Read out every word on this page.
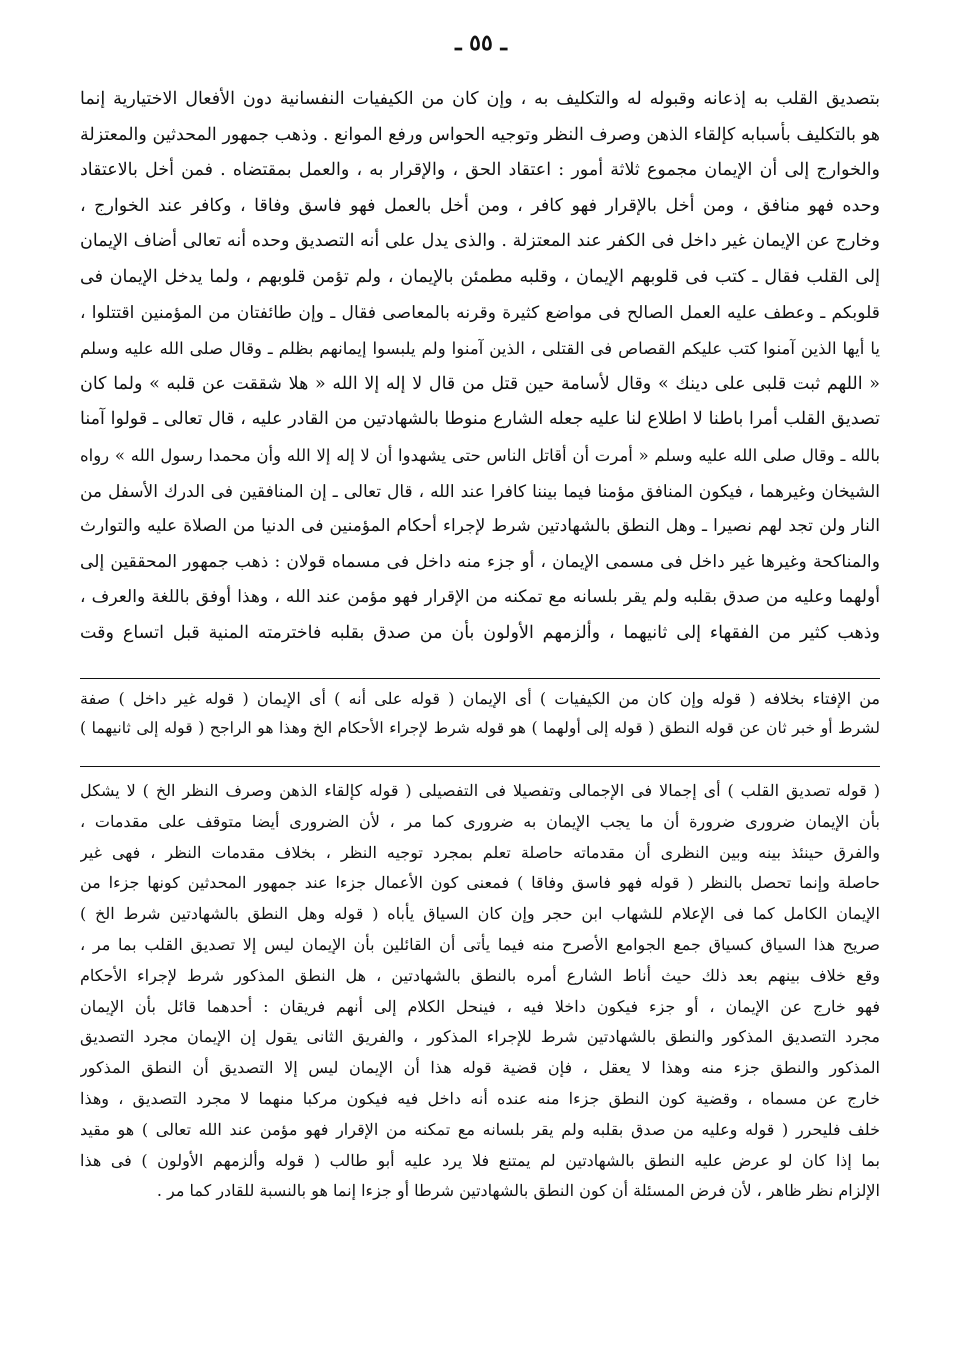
ـ ٥٥ ـ
بتصديق القلب به إذعانه وقبوله له والتكليف به ، وإن كان من الكيفيات النفسانية دون الأفعال الاختيارية إنما
هو بالتكليف بأسبابه كإلقاء الذهن وصرف النظر وتوجيه الحواس ورفع الموانع . وذهب جمهور المحدثين والمعتزلة
والخوارج إلى أن الإيمان مجموع ثلاثة أمور : اعتقاد الحق ، والإقرار به ، والعمل بمقتضاه . فمن أخل بالاعتقاد
وحده فهو منافق ، ومن أخل بالإقرار فهو كافر ، ومن أخل بالعمل فهو فاسق وفاقا ، وكافر عند الخوارج ،
وخارج عن الإيمان غير داخل فى الكفر عند المعتزلة . والذى يدل على أنه التصديق وحده أنه تعالى أضاف الإيمان
إلى القلب فقال ـ كتب فى قلوبهم الإيمان ، وقلبه مطمئن بالإيمان ، ولم تؤمن قلوبهم ، ولما يدخل الإيمان فى
قلوبكم ـ وعطف عليه العمل الصالح فى مواضع كثيرة وقرنه بالمعاصى فقال ـ وإن طائفتان من المؤمنين اقتتلوا ،
يا أيها الذين آمنوا كتب عليكم القصاص فى القتلى ، الذين آمنوا ولم يلبسوا إيمانهم بظلم ـ وقال صلى الله عليه وسلم
« اللهم ثبت قلبى على دينك » وقال لأسامة حين قتل من قال لا إله إلا الله « هلا شققت عن قلبه » ولما كان
تصديق القلب أمرا باطنا لا اطلاع لنا عليه جعله الشارع منوطا بالشهادتين من القادر عليه ، قال تعالى ـ قولوا آمنا
بالله ـ وقال صلى الله عليه وسلم « أمرت أن أقاتل الناس حتى يشهدوا أن لا إله إلا الله وأن محمدا رسول الله » رواه
الشيخان وغيرهما ، فيكون المنافق مؤمنا فيما بيننا كافرا عند الله ، قال تعالى ـ إن المنافقين فى الدرك الأسفل من
النار ولن تجد لهم نصيرا ـ وهل النطق بالشهادتين شرط لإجراء أحكام المؤمنين فى الدنيا من الصلاة عليه والتوارث
والمناكحة وغيرها غير داخل فى مسمى الإيمان ، أو جزء منه داخل فى مسماه قولان : ذهب جمهور المحققين إلى
أولهما وعليه من صدق بقلبه ولم يقر بلسانه مع تمكنه من الإقرار فهو مؤمن عند الله ، وهذا أوفق باللغة والعرف ،
وذهب كثير من الفقهاء إلى ثانيهما ، وألزمهم الأولون بأن من صدق بقلبه فاخترمته المنية قبل اتساع وقت
من الإفتاء بخلافه ( قوله وإن كان من الكيفيات ) أى الإيمان ( قوله على أنه ) أى الإيمان ( قوله غير داخل ) صفة
لشرط أو خبر ثان عن قوله النطق ( قوله إلى أولهما ) هو قوله شرط لإجراء الأحكام الخ وهذا هو الراجح ( قوله إلى ثانيهما )
( قوله تصديق القلب ) أى إجمالا فى الإجمالى وتفصيلا فى التفصيلى ( قوله كإلقاء الذهن وصرف النظر الخ ) لا يشكل
بأن الإيمان ضرورى ضرورة أن ما يجب الإيمان به ضرورى كما مر ، لأن الضرورى أيضا متوقف على مقدمات ،
والفرق حينئذ بينه وبين النظرى أن مقدماته حاصلة تعلم بمجرد توجيه النظر ، بخلاف مقدمات النظر ، فهى غير
حاصلة وإنما تحصل بالنظر ( قوله فهو فاسق وفاقا ) فمعنى كون الأعمال جزءا عند جمهور المحدثين كونها جزءا من
الإيمان الكامل كما فى الإعلام للشهاب ابن حجر وإن كان السياق يأباه ( قوله وهل النطق بالشهادتين شرط الخ )
صريح هذا السياق كسياق جمع الجوامع الأصرح منه فيما يأتى أن القائلين بأن الإيمان ليس إلا تصديق القلب بما مر ،
وقع خلاف بينهم بعد ذلك حيث أناط الشارع أمره بالنطق بالشهادتين ، هل النطق المذكور شرط لإجراء الأحكام
فهو خارج عن الإيمان ، أو جزء فيكون داخلا فيه ، فينحل الكلام إلى أنهم فريقان : أحدهما قائل بأن الإيمان
مجرد التصديق المذكور والنطق بالشهادتين شرط للإجراء المذكور ، والفريق الثانى يقول إن الإيمان مجرد التصديق
المذكور والنطق جزء منه وهذا لا يعقل ، فإن قضية قوله هذا أن الإيمان ليس إلا التصديق أن النطق المذكور
خارج عن مسماه ، وقضية كون النطق جزءا منه عنده أنه داخل فيه فيكون مركبا منهما لا مجرد التصديق ، وهذا
خلف فليحرر ( قوله وعليه من صدق بقلبه ولم يقر بلسانه مع تمكنه من الإقرار فهو مؤمن عند الله تعالى ) هو مقيد
بما إذا كان لو عرض عليه النطق بالشهادتين لم يمتنع فلا يرد عليه أبو طالب ( قوله وألزمهم الأولون ) فى هذا
الإلزام نظر ظاهر ، لأن فرض المسئلة أن كون النطق بالشهادتين شرطا أو جزءا إنما هو بالنسبة للقادر كما مر .
